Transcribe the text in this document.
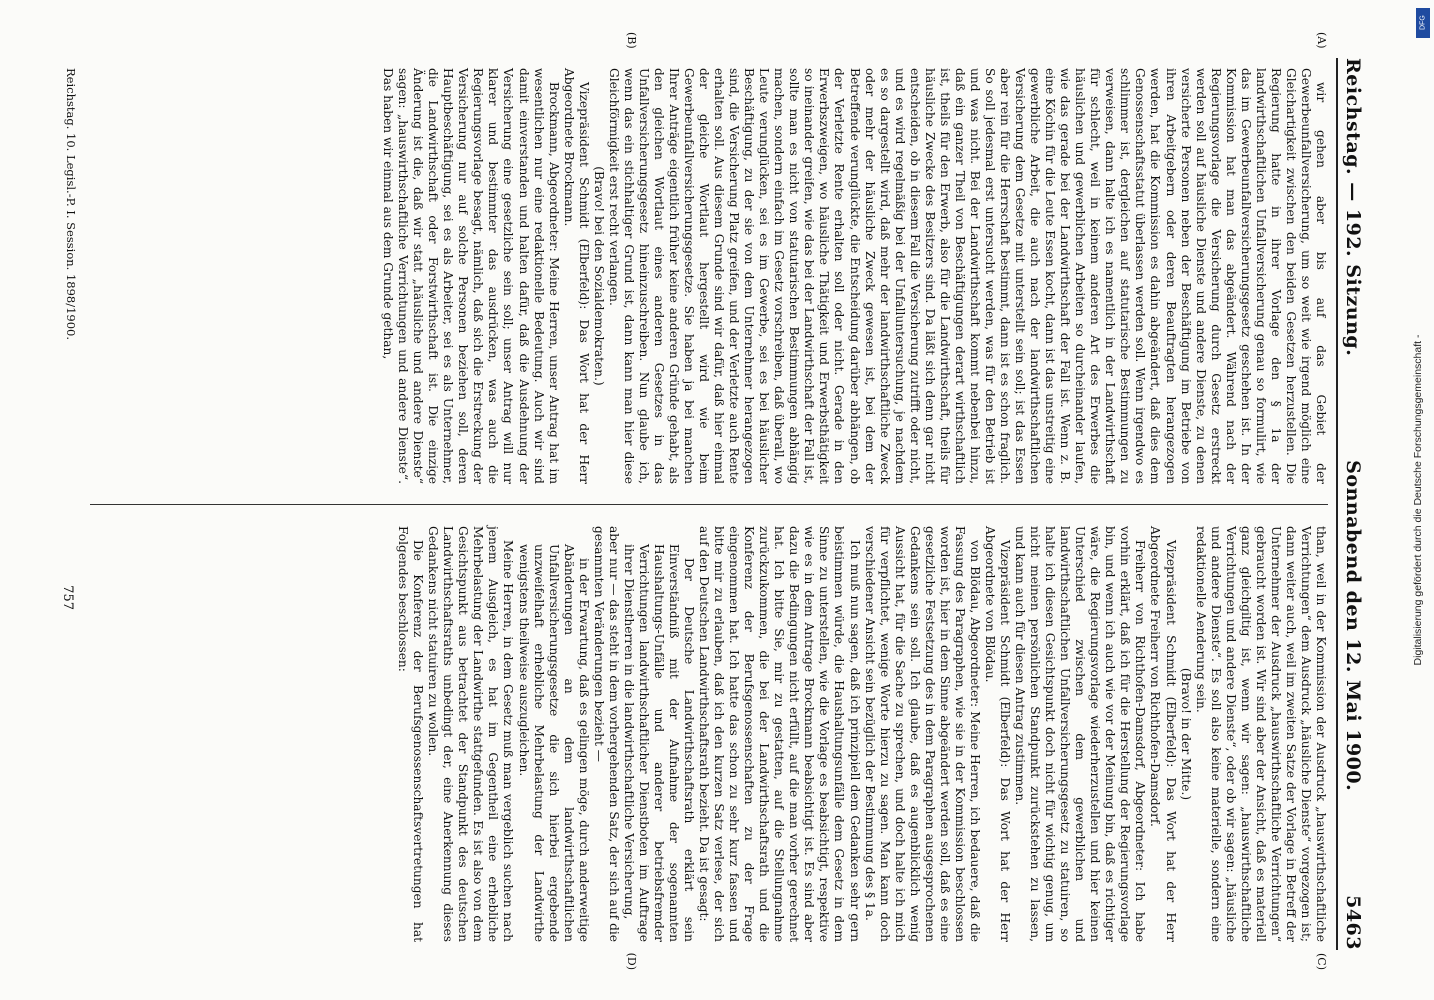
Reichstag. — 192. Sitzung.
Sonnabend den 12. Mai 1900.
5463
(A)
(B)
(C)
(D)

wir gehen aber bis auf das Gebiet der Gewerbeunfallversicherung, um so weit wie irgend möglich eine Gleichartigkeit zwischen den beiden Gesetzen herzustellen. Die Regierung hatte in ihrer Vorlage den § 1a der landwirthschaftlichen Unfallversicherung genau so formulirt, wie das im Gewerbeunfallversicherungsgesetz geschehen ist. In der Kommission hat man das abgeändert. Während nach der Regierungsvorlage die Versicherung durch Gesetz erstreckt werden soll auf häusliche Dienste und andere Dienste, zu denen versicherte Personen neben der Beschäftigung im Betriebe von ihren Arbeitgebern oder deren Beauftragten herangezogen werden, hat die Kommission es dahin abgeändert, daß dies dem Genossenschaftsstatut überlassen werden soll. Wenn irgendwo es schlimmer ist, dergleichen auf statutarische Bestimmungen zu verweisen, dann halte ich es namentlich in der Landwirthschaft für schlecht, weil in keinem anderen Art des Erwerbes die häuslichen und gewerblichen Arbeiten so durcheinander laufen, wie das gerade bei der Landwirthschaft der Fall ist. Wenn z. B. eine Köchin für die Leute Essen kocht, dann ist das unstreitig eine gewerbliche Arbeit, die auch nach der landwirthschaftlichen Versicherung dem Gesetze mit unterstellt sein soll; ist das Essen aber rein für die Herrschaft bestimmt, dann ist es schon fraglich. So soll jedesmal erst untersucht werden, was für den Betrieb ist und was nicht. Bei der Landwirthschaft kommt nebenbei hinzu, daß ein ganzer Theil von Beschäftigungen derart wirthschaftlich ist, theils für den Erwerb, also für die Landwirthschaft, theils für häusliche Zwecke des Besitzers sind. Da läßt sich denn gar nicht entscheiden, ob in diesem Fall die Versicherung zutrifft oder nicht, und es wird regelmäßig bei der Unfalluntersuchung, je nachdem es so dargestellt wird, daß mehr der landwirthschaftliche Zweck oder mehr der häusliche Zweck gewesen ist, bei dem der Betreffende verunglückte, die Entscheidung darüber abhängen, ob der Verletzte Rente erhalten soll oder nicht. Gerade in den Erwerbszweigen, wo häusliche Thätigkeit und Erwerbsthätigkeit so ineinander greifen, wie das bei der Landwirthschaft der Fall ist, sollte man es nicht von statutarischen Bestimmungen abhängig machen, sondern einfach im Gesetz vorschreiben, daß überall, wo Leute verunglücken, sei es im Gewerbe, sei es bei häuslicher Beschäftigung, zu der sie von dem Unternehmer herangezogen sind, die Versicherung Platz greifen, und der Verletzte auch Rente erhalten soll. Aus diesem Grunde sind wir dafür, daß hier einmal der gleiche Wortlaut hergestellt wird wie beim Gewerbeunfallversicherungsgesetze. Sie haben ja bei manchen Ihrer Anträge eigentlich früher keine anderen Gründe gehabt, als den gleichen Wortlaut eines anderen Gesetzes in das Unfallversicherungsgesetz hineinzuschreiben. Nun glaube ich, wenn das ein stichhaltiger Grund ist, dann kann man hier diese Gleichförmigkeit erst recht verlangen.

(Bravo! bei den Sozialdemokraten.)

Vizepräsident Schmidt (Elberfeld): Das Wort hat der Herr Abgeordnete Brockmann.

Brockmann, Abgeordneter: Meine Herren, unser Antrag hat im wesentlichen nur eine redaktionelle Bedeutung. Auch wir sind damit einverstanden und halten dafür, daß die Ausdehnung der Versicherung eine gesetzliche sein soll; unser Antrag will nur klarer und bestimmter das ausdrücken, was auch die Regierungsvorlage besagt, nämlich, daß sich die Erstreckung der Versicherung nur auf solche Personen beziehen soll, deren Hauptbeschäftigung, sei es als Arbeiter, sei es als Unternehmer, die Landwirthschaft oder Forstwirthschaft ist. Die einzige Änderung ist die, daß wir statt „häusliche und andere Dienste“ sagen: „hauswirthschaftliche Verrichtungen und andere Dienste“. Das haben wir einmal aus dem Grunde gethan,

than, weil in der Kommission der Ausdruck „hauswirthschaftliche Verrichtungen“ dem Ausdruck „häusliche Dienste“ vorgezogen ist; dann weiter auch, weil im zweiten Satze der Vorlage in Betreff der Unternehmer der Ausdruck „hauswirthschaftliche Verrichtungen“ gebraucht worden ist. Wir sind aber der Ansicht, daß es materiell ganz gleichgiltig ist, wenn wir sagen: „hauswirthschaftliche Verrichtungen und andere Dienste“, oder ob wir sagen: „häusliche und andere Dienste“. Es soll also keine materielle, sondern eine redaktionelle Aenderung sein.

(Bravo! in der Mitte.)

Vizepräsident Schmidt (Elberfeld): Das Wort hat der Herr Abgeordnete Freiherr von Richthofen-Damsdorf.

Freiherr von Richthofen-Damsdorf, Abgeordneter: Ich habe vorhin erklärt, daß ich für die Herstellung der Regierungsvorlage bin, und wenn ich auch wie vor der Meinung bin, daß es richtiger wäre, die Regierungsvorlage wiederherzustellen und hier keinen Unterschied zwischen dem gewerblichen und landwirthschaftlichen Unfallversicherungsgesetz zu statuiren, so halte ich diesen Gesichtspunkt doch nicht für wichtig genug, um nicht meinen persönlichen Standpunkt zurückstehen zu lassen, und kann auch für diesen Antrag zustimmen.

Vizepräsident Schmidt (Elberfeld): Das Wort hat der Herr Abgeordnete von Blödau.

von Blödau, Abgeordneter: Meine Herren, ich bedauere, daß die Fassung des Paragraphen, wie sie in der Kommission beschlossen worden ist, hier in dem Sinne abgeändert werden soll, daß es eine gesetzliche Festsetzung des in dem Paragraphen ausgesprochenen Gedankens sein soll. Ich glaube, daß es augenblicklich wenig Aussicht hat, für die Sache zu sprechen, und doch halte ich mich für verpflichtet, wenige Worte hierzu zu sagen. Man kann doch verschiedener Ansicht sein bezüglich der Bestimmung des § 1a.

Ich muß nun sagen, daß ich prinzipiell dem Gedanken sehr gern beistimmen würde, die Haushaltungsunfälle dem Gesetz in dem Sinne zu unterstellen, wie die Vorlage es beabsichtigt, respektive wie es in dem Antrage Brockmann beabsichtigt ist. Es sind aber dazu die Bedingungen nicht erfüllt, auf die man vorher gerechnet hat. Ich bitte Sie, mir zu gestatten, auf die Stellungnahme zurückzukommen, die bei der Landwirthschaftsrath und die Konferenz der Berufsgenossenschaften zu der Frage eingenommen hat. Ich hatte das schon zu sehr kurz fassen und bitte mir zu erlauben, daß ich den kurzen Satz verlese, der sich auf den Deutschen Landwirthschaftsrath bezieht. Da ist gesagt:

Der Deutsche Landwirthschaftsrath erklärt sein Einverständniß mit der Aufnahme der sogenannten Haushaltungs-Unfälle und anderer betriebsfremder Verrichtungen landwirthschaftlicher Dienstboten im Auftrage ihrer Dienstherren in die landwirthschaftliche Versicherung,

aber nur — das steht in dem vorhergehenden Satz, der sich auf die gesammten Veränderungen bezieht —

in der Erwartung, daß es gelingen möge, durch anderweitige Abänderungen an dem landwirthschaftlichen Unfallversicherungsgesetze die sich hierbei ergebende unzweifelhaft erhebliche Mehrbelastung der Landwirthe wenigstens theilweise auszugleichen.

Meine Herren, in dem Gesetz muß man vergeblich suchen nach jenem Ausgleich, es hat im Gegentheil eine erhebliche Mehrbelastung der Landwirthe stattgefunden. Es ist also von dem Gesichtspunkt aus betrachtet der Standpunkt des deutschen Landwirthschaftsraths unbedingt der, eine Anerkennung dieses Gedankens nicht statuiren zu wollen.

Die Konferenz der Berufsgenossenschaftsvertretungen hat Folgendes beschlossen:

Reichstag. 10. Legisl.-P. I. Session. 1898/1900.
757
DFG
Digitalisierung gefördert durch die Deutsche Forschungsgemeinschaft -
